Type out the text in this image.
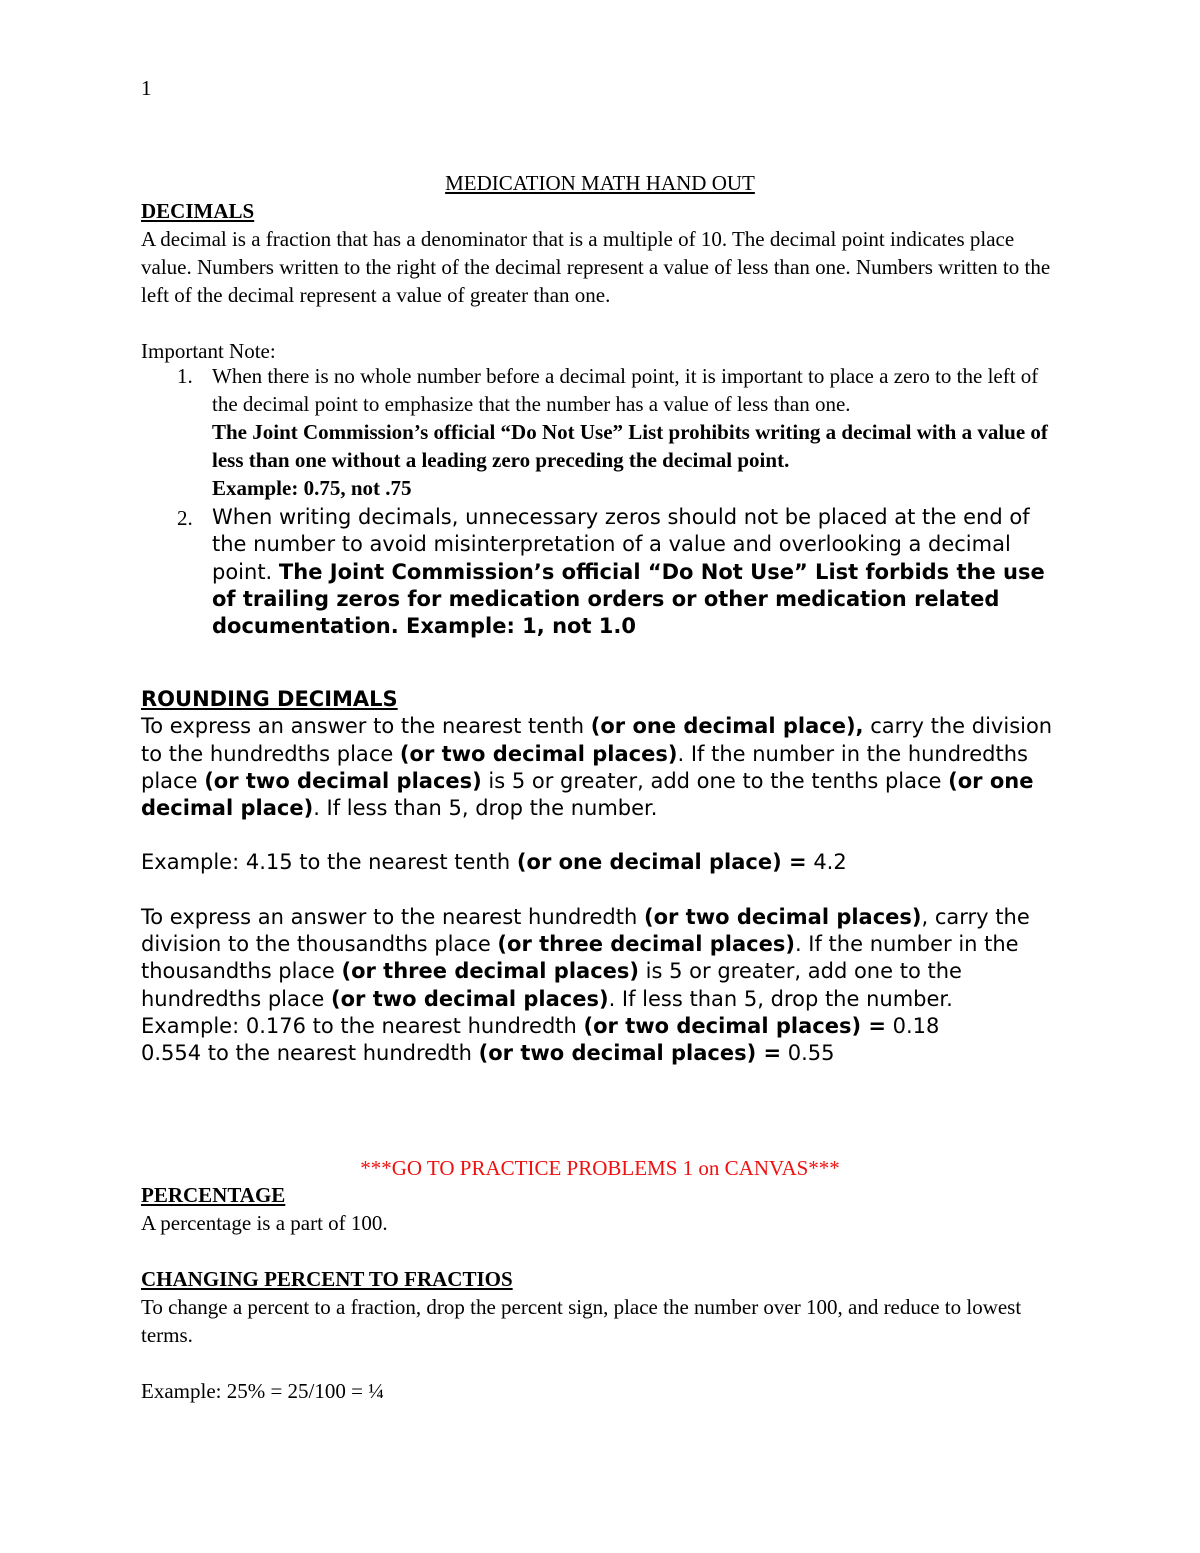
1
MEDICATION MATH HAND OUT

DECIMALS

A decimal is a fraction that has a denominator that is a multiple of 10. The decimal point indicates place value. Numbers written to the right of the decimal represent a value of less than one. Numbers written to the left of the decimal represent a value of greater than one.

Important Note:

1. When there is no whole number before a decimal point, it is important to place a zero to the left of the decimal point to emphasize that the number has a value of less than one.
The Joint Commission’s official “Do Not Use” List prohibits writing a decimal with a value of less than one without a leading zero preceding the decimal point.
Example: 0.75, not .75
2. When writing decimals, unnecessary zeros should not be placed at the end of the number to avoid misinterpretation of a value and overlooking a decimal point. The Joint Commission’s official “Do Not Use” List forbids the use of trailing zeros for medication orders or other medication related documentation. Example: 1, not 1.0

ROUNDING DECIMALS

To express an answer to the nearest tenth (or one decimal place), carry the division to the hundredths place (or two decimal places). If the number in the hundredths place (or two decimal places) is 5 or greater, add one to the tenths place (or one decimal place). If less than 5, drop the number.

Example: 4.15 to the nearest tenth (or one decimal place) = 4.2

To express an answer to the nearest hundredth (or two decimal places), carry the division to the thousandths place (or three decimal places). If the number in the thousandths place (or three decimal places) is 5 or greater, add one to the hundredths place (or two decimal places). If less than 5, drop the number.

Example: 0.176 to the nearest hundredth (or two decimal places) = 0.18

0.554 to the nearest hundredth (or two decimal places) = 0.55

***GO TO PRACTICE PROBLEMS 1 on CANVAS***

PERCENTAGE

A percentage is a part of 100.

CHANGING PERCENT TO FRACTIOS

To change a percent to a fraction, drop the percent sign, place the number over 100, and reduce to lowest terms.

Example: 25% = 25/100 = ¼
